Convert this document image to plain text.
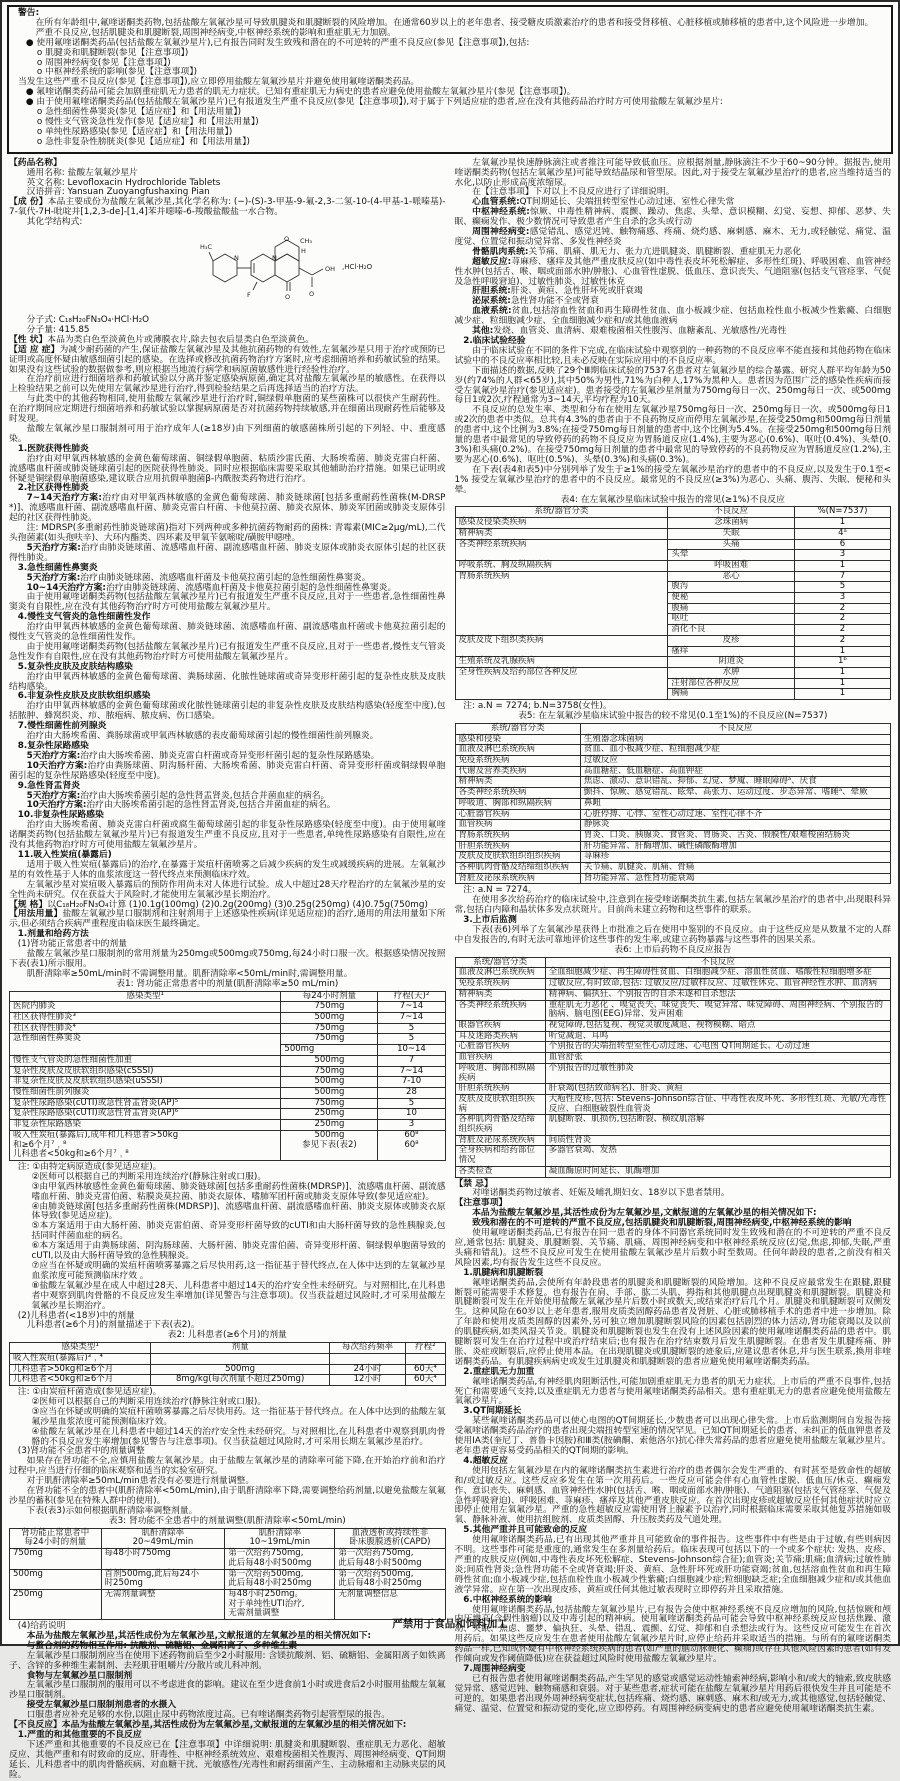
警告:

在所有年龄组中,氟喹诺酮类药物,包括盐酸左氧氟沙星可导致肌腱炎和肌腱断裂的风险增加。在通常60岁以上的老年患者、接受糖皮质激素治疗的患者和接受肾移植、心脏移植或肺移植的患者中,这个风险进一步增加。

严重不良反应,包括肌腱炎和肌腱断裂,周围神经病变,中枢神经系统的影响和重症肌无力加剧。

● 使用氟喹诺酮类药品(包括盐酸左氧氟沙星片),已有报告同时发生致残和潜在的不可逆转的严重不良反应(参见【注意事项】),包括:

o 肌腱炎和肌腱断裂(参见【注意事项】)

o 周围神经病变(参见【注意事项】)

o 中枢神经系统的影响(参见【注意事项】)

当发生这些严重不良反应(参见【注意事项】),应立即停用盐酸左氧氟沙星片并避免使用氟喹诺酮类药品。

● 氟喹诺酮类药品可能会加剧重症肌无力患者的肌无力症状。已知有重症肌无力病史的患者应避免使用盐酸左氧氟沙星片(参见【注意事项】)。

● 由于使用氟喹诺酮类药品(包括盐酸左氧氟沙星片)已有报道发生严重不良反应(参见【注意事项】),对于属于下列适应症的患者,应在没有其他药品治疗时方可使用盐酸左氧氟沙星片:

o 急性细菌性鼻窦炎(参见【适应症】和【用法用量】)

o 慢性支气管炎急性发作(参见【适应症】和【用法用量】)

o 单纯性尿路感染(参见【适应症】和【用法用量】)

o 急性非复杂性膀胱炎(参见【适应症】和【用法用量】)

【药品名称】

通用名称: 盐酸左氧氟沙星片

英文名称: Levofloxacin Hydrochloride Tablets

汉语拼音: Yansuan Zuoyangfushaxing Pian

【成 份】本品主要成份为盐酸左氧氟沙星,其化学名称为: (−)-(S)-3-甲基-9-氟-2,3-二氢-10-(4-甲基-1-哌嗪基)-7-氧代-7H-吡啶并[1,2,3-de]-[1,4]苯并噁嗪-6-羧酸盐酸盐一水合物。

其化学结构式:

H₃C
N	N
O CH₃
H
F	O
OH
O
,HCl·H₂O

分子式: C₁₈H₂₀FN₃O₄·HCl·H₂O

分子量: 415.85

【性 状】本品为类白色至淡黄色片或薄膜衣片,除去包衣后显类白色至淡黄色。

【适 应 症】为减少耐药菌的产生,保证盐酸左氧氟沙星及其他抗菌药物的有效性,左氧氟沙星只用于治疗或预防已证明或高度怀疑由敏感细菌引起的感染。在选择或修改抗菌药物治疗方案时,应考虑细菌培养和药敏试验的结果。如果没有这些试验的数据做参考,则应根据当地流行病学和病原菌敏感性进行经验性治疗。

在治疗前应进行细菌培养和药敏试验以分离并鉴定感染病原菌,确定其对盐酸左氧氟沙星的敏感性。在获得以上检验结果之前可以先使用左氧氟沙星进行治疗,得到检验结果之后再选择适当的治疗方法。

与此类中的其他药物相同,使用盐酸左氧氟沙星进行治疗时,铜绿假单胞菌的某些菌株可以很快产生耐药性。在治疗期间应定期进行细菌培养和药敏试验以掌握病原菌是否对抗菌药物持续敏感,并在细菌出现耐药性后能够及时发现。

盐酸左氧氟沙星口服制剂可用于治疗成年人(≥18岁)由下列细菌的敏感菌株所引起的下列轻、中、重度感染。

1.医院获得性肺炎

治疗由对甲氧西林敏感的金黄色葡萄球菌、铜绿假单胞菌、粘质沙雷氏菌、大肠埃希菌、肺炎克雷白杆菌、流感嗜血杆菌或肺炎链球菌引起的医院获得性肺炎。同时应根据临床需要采取其他辅助治疗措施。如果已证明或怀疑是铜绿假单胞菌感染,建议联合应用抗假单胞菌β-内酰胺类药物进行治疗。

2.社区获得性肺炎

7~14天治疗方案:治疗由对甲氧西林敏感的金黄色葡萄球菌、肺炎链球菌[包括多重耐药性菌株(M-DRSP*)]、流感嗜血杆菌、副流感嗜血杆菌、肺炎克雷白杆菌、卡他莫拉菌、肺炎衣原体、肺炎军团菌或肺炎支原体引起的社区获得性肺炎。

注: MDRSP(多重耐药性肺炎链球菌)指对下列两种或多种抗菌药物耐药的菌株: 青霉素(MIC≥2μg/mL),二代头孢菌素(如头孢呋辛)、大环内酯类、四环素及甲氧苄氨嘧啶/磺胺甲噁唑。

5天治疗方案:治疗由肺炎链球菌、流感嗜血杆菌、副流感嗜血杆菌、肺炎支原体或肺炎衣原体引起的社区获得性肺炎。

3.急性细菌性鼻窦炎

5天治疗方案:治疗由肺炎链球菌、流感嗜血杆菌及卡他莫拉菌引起的急性细菌性鼻窦炎。

10~14天治疗方案:治疗由肺炎链球菌、流感嗜血杆菌及卡他莫拉菌引起的急性细菌性鼻窦炎。

由于使用氟喹诺酮类药物(包括盐酸左氧氟沙星片)已有报道发生严重不良反应,且对于一些患者,急性细菌性鼻窦炎有自限性,应在没有其他药物治疗时方可使用盐酸左氧氟沙星片。

4.慢性支气管炎的急性细菌性发作

治疗由甲氧西林敏感的金黄色葡萄球菌、肺炎链球菌、流感嗜血杆菌、副流感嗜血杆菌或卡他莫拉菌引起的慢性支气管炎的急性细菌性发作。

由于使用氟喹诺酮类药物(包括盐酸左氧氟沙星片)已有报道发生严重不良反应,且对于一些患者,慢性支气管炎急性发作有自限性,应在没有其他药物治疗时方可使用盐酸左氧氟沙星片。

5.复杂性皮肤及皮肤结构感染

治疗由甲氧西林敏感的金黄色葡萄球菌、粪肠球菌、化脓性链球菌或奇异变形杆菌引起的复杂性皮肤及皮肤结构感染。

6.非复杂性皮肤及皮肤软组织感染

治疗由甲氧西林敏感的金黄色葡萄球菌或化脓性链球菌引起的非复杂性皮肤及皮肤结构感染(轻度至中度),包括脓肿、蜂窝织炎、疖、脓疱病、脓皮病、伤口感染。

7.慢性细菌性前列腺炎

治疗由大肠埃希菌、粪肠球菌或甲氧西林敏感的表皮葡萄球菌引起的慢性细菌性前列腺炎。

8.复杂性尿路感染

5天治疗方案:治疗由大肠埃希菌、肺炎克雷白杆菌或奇异变形杆菌引起的复杂性尿路感染。

10天治疗方案:治疗由粪肠球菌、阴沟肠杆菌、大肠埃希菌、肺炎克雷白杆菌、奇异变形杆菌或铜绿假单胞菌引起的复杂性尿路感染(轻度至中度)。

9.急性肾盂肾炎

5天治疗方案:治疗由大肠埃希菌引起的急性肾盂肾炎,包括合并菌血症的病名。

10天治疗方案:治疗由大肠埃希菌引起的急性肾盂肾炎,包括合并菌血症的病名。

10.非复杂性尿路感染

治疗由大肠埃希菌、肺炎克雷白杆菌或腐生葡萄球菌引起的非复杂性尿路感染(轻度至中度)。由于使用氟喹诺酮类药物(包括盐酸左氧氟沙星片)已有报道发生严重不良反应,且对于一些患者,单纯性尿路感染有自限性,应在没有其他药物治疗时方可使用盐酸左氧氟沙星片。

11.吸入性炭疽(暴露后)

适用于吸入性炭疽(暴露后)的治疗,在暴露于炭疽杆菌喷雾之后减少疾病的发生或减缓疾病的进展。左氧氟沙星的有效性基于人体的血浆浓度这一替代终点来预测临床疗效。

左氧氟沙星对炭疽吸入暴露后的预防作用尚未对人体进行试验。成人中超过28天疗程治疗的左氧氟沙星的安全性尚未研究。仅在获益大于风险时,才能使用左氧氟沙星长期治疗。

【规 格】以C₁₈H₂₀FN₃O₄计算 (1)0.1g(100mg) (2)0.2g(200mg) (3)0.25g(250mg) (4)0.75g(750mg)

【用法用量】盐酸左氧氟沙星口服制剂和注射剂用于上述感染性疾病(详见适应症)的治疗,通用的用法用量如下所示,但必须结合疾病严重程度由临床医生最终确定。

1.剂量和给药方法

(1)肾功能正常患者中的剂量

盐酸左氧氟沙星口服制剂的常用剂量为250mg或500mg或750mg,每24小时口服一次。根据感染情况按照下表(表1)所示服用。

肌酐清除率≥50mL/min时不需调整用量。肌酐清除率<50mL/min时,需调整用量。

表1: 肾功能正常患者中的剂量(肌酐清除率≥50 mL/min)

感染类型¹	每24小时剂量	疗程(天)²
医院内肺炎	750mg	7~14
社区获得性肺炎³	500mg	7~14
社区获得性肺炎⁴	750mg	5
急性细菌性鼻窦炎	750mg	5
	500mg	10~14
慢性支气管炎的急性细菌性加重	500mg	7
复杂性皮肤及皮肤软组织感染(cSSSI)	750mg	7~14
非复杂性皮肤及皮肤软组织感染(uSSSI)	500mg	7-10
慢性细菌性前列腺炎	500mg	28
复杂性尿路感染(cUTI)或急性肾盂肾炎(AP)⁵	750mg	5
复杂性尿路感染(cUTI)或急性肾盂肾炎(AP)⁶	250mg	10
非复杂性尿路感染	250mg	3
吸入性炭疽(暴露后),成年和儿科患者>50kg
和≥6个月⁷﹐⁸
儿科患者<50kg和≥6个月⁷﹐⁸	500mg
参见下表(表2)	60⁸
60⁸

注: ①由特定病原造成(参见适应症)。

②医师可以根据自己的判断采用连续治疗(静脉注射或口服)。

③由甲氧西林敏感性金黄色葡萄球菌、肺炎链球菌[包括多重耐药性菌株(MDRSP)]、流感嗜血杆菌、副流感嗜血杆菌、肺炎克雷伯菌、粘膜炎莫拉菌、肺炎衣原体、嗜肺军团杆菌或肺炎支原体导致(参见适应症)。

④由肺炎链球菌[包括多重耐药性菌株(MDRSP)]、流感嗜血杆菌、副流感嗜血杆菌、肺炎支原体或肺炎衣原体导致(参见适应症)。

⑤本方案适用于由大肠杆菌、肺炎克雷伯菌、奇异变形杆菌导致的cUTI和由大肠杆菌导致的急性胰腺炎,包括同时伴菌血症的病名。

⑥本方案适用于由粪肠球菌、阴沟肠球菌、大肠杆菌、肺炎克雷伯菌、奇异变形杆菌、铜绿假单胞菌导致的cUTI,以及由大肠杆菌导致的急性胰腺炎。

⑦应当在怀疑或明确的炭疽杆菌喷雾暴露之后尽快用药,这一指征基于替代终点,在人体中达到的左氧氟沙星血浆浓度可能预测临床疗效 。

⑧盐酸左氧氟沙星在成人中超过28天、儿科患者中超过14天的治疗安全性未经研究。与对照相比,在儿科患者中观察到肌肉骨骼的不良反应发生率增加(详见警告与注意事项)。仅当获益超过风险时,才可采用盐酸左氧氟沙星长期治疗。

(2)儿科患者(<18岁)中的剂量

儿科患者(≥6个月)的剂量描述于下表(表2)。

表2: 儿科患者(≥6个月)的剂量

感染类型¹	剂量	每次给药频率	疗程²
吸入性炭疽(暴露后)³﹐⁴			
儿科患者>50kg和≥6个月	500mg	24小时	60天⁴
儿科患者<50kg和≥6个月	8mg/kg(每次剂量不超过250mg)	12小时	60天⁴

注: ①由炭疽杆菌造成(参见适应症)。

②医师可以根据自己的判断采用连续治疗(静脉注射或口服)。

③应当在怀疑或明确的炭疽杆菌喷雾暴露之后尽快用药。这一指征基于替代终点。在人体中达到的盐酸左氧氟沙星血浆浓度可能预测临床疗效。

④盐酸左氧氟沙星在儿科患者中超过14天的治疗安全性未经研究。与对照相比,在儿科患者中观察到肌肉骨骼的不良反应发生率增加(参见警告与注意事项)。仅当获益超过风险时,才可采用长期左氧氟沙星治疗。

(3)肾功能不全患者中的剂量调整

如果存在肾功能不全,应慎用盐酸左氧氟沙星。由于盐酸左氧氟沙星的清除率可能下降,在开始治疗前和治疗过程中,应当进行仔细的临床观察和适当的实验室研究。

对于肌酐清除率≥50mL/min患者没有必要进行剂量调整。

在肾功能不全的患者中(肌酐清除率<50mL/min),由于肌酐清除率下降,需要调整给药剂量,以避免盐酸左氧氟沙星的蓄积(参见在特殊人群中的使用)。

下表(表3)示如何根据肌酐清除率调整剂量。

表3: 肾功能不全患者中的剂量调整(肌酐清除率<50mL/min)

肾功能正常患者中
每24小时的剂量	肌酐清除率
20~49mL/min	肌酐清除率
10~19mL/min	血液透析或持续性非
卧床腹膜透析(CAPD)
750mg	每48小时750mg	第一次给药750mg,
此后每48小时500mg	第一次给药750mg,
此后每48小时500mg
500mg	首剂500mg,此后每24小
时250mg	第一次给药500mg,
此后每48小时250mg	第一次给药500mg,
此后每48小时250mg
250mg	无需剂量调整	每48小时250mg。
对于单纯性UTI治疗,
无需剂量调整	无剂量调整信息

(4)给药说明

本品为盐酸左氧氟沙星,其活性成份为左氧氟沙星,文献报道的左氧氟沙星的相关情况如下:

与螯合剂的药物相互作用: 抗酸剂、硫糖铝、金属阳离子、多种维生素

左氧氟沙星口服制剂应当在使用下述药物前后至少2小时服用: 含镁抗酸剂、铝、硫糖铝、金属阳离子如铁离子、含锌的多种维生素制剂、去羟肌苷咀嚼片/分散片或儿科冲剂。

食物与左氧氟沙星口服制剂

左氧氟沙星口服制剂的服用可以不考虑进食的影响。建议在至少进食前1小时或进食后2小时服用盐酸左氧氟沙星口服制剂。

接受左氧氟沙星口服制剂患者的水摄入

口服患者应补充足够的水份,以阻止尿中药物浓度过高。已有喹诺酮类药物引起管型尿的报告。

【不良反应】本品为盐酸左氧氟沙星,其活性成份为左氧氟沙星,文献报道的左氧氟沙星的相关情况如下:

1.严重的和其他重要的不良反应

下述严重和其他重要的不良反应已在【注意事项】中详细说明: 肌腱炎和肌腱断裂、重症肌无力恶化、超敏反应、其他严重和有时致命的反应、肝毒性、中枢神经系统效应、艰难梭菌相关性腹泻、周围神经病变、QT间期延长、儿科患者中的肌肉骨骼疾病、对血糖干扰、光敏感性/光毒性和耐药细菌产生、主动脉瘤和主动脉夹层的风险。

左氧氟沙星快速静脉滴注或者推注可能导致低血压。应根据剂量,静脉滴注不少于60~90分钟。据报告,使用喹诺酮类药物(包括左氧氟沙星)可能导致结晶尿和管型尿。因此,对于接受左氧氟沙星治疗的患者,应当维持适当的水化,以防止形成高度浓缩尿。

在【注意事项】下对以上不良反应进行了详细说明。

心血管系统:QT间期延长、尖端扭转型室性心动过速、室性心律失常

中枢神经系统:惊厥、中毒性精神病、震颤、躁动、焦虑、头晕、意识模糊、幻觉、妄想、抑郁、恶梦、失眠、癫痫发作、极少数情况可导致患者产生自杀的念头或行动

周围神经病变:感觉错乱、感觉迟钝、触物痛感、疼痛、烧灼感、麻刺感、麻木、无力,或轻触觉、痛觉、温度觉、位置觉和振动觉异常、多发性神经炎

骨骼肌肉系统:关节痛、肌痛、肌无力、张力亢进肌腱炎、肌腱断裂、重症肌无力恶化

超敏反应:荨麻疹、瘙痒及其他严重皮肤反应(如中毒性表皮坏死松解症、多形性红斑)、呼吸困难、血管神经性水肿(包括舌、喉、咽或面部水肿/肿胀)、心血管性虚脱、低血压、意识丧失、气道阻塞(包括支气管痉挛、气促及急性呼吸窘迫)、过敏性肺炎、过敏性休克

肝胆系统:肝炎、黄疸、急性肝坏死或肝衰竭

泌尿系统:急性肾功能不全或肾衰

血液系统:贫血,包括溶血性贫血和再生障碍性贫血、血小板减少症、包括血栓性血小板减少性紫癜、白细胞减少症、粒细胞减少症、全血细胞减少症和/或其他血液病

其他:发烧、血管炎、血清病、艰难梭菌相关性腹泻、血糖紊乱、光敏感性/光毒性

2.临床试验经验

由于临床试验在不同的条件下完成,在临床试验中观察到的一种药物的不良反应率不能直接和其他药物在临床试验中的不良反应率相比较,且未必反映在实际应用中的不良反应率。

下面描述的数据,反映了29个Ⅲ期临床试验的7537名患者对左氧氟沙星的综合暴露。研究人群平均年龄为50岁(约74%的人群<65岁),其中50%为男性,71%为白种人,17%为黑种人。患者因为范围广泛的感染性疾病而接受左氧氟沙星治疗(参见适应症)。患者接受的左氧氟沙星剂量为750mg每日一次、250mg每日一次、或500mg每日1或2次,疗程通常为3~14天,平均疗程为10天。

不良反应的总发生率、类型和分布在使用左氧氟沙星750mg每日一次、250mg每日一次、或500mg每日1或2次的患者中类似。总共有4.3%的患者由于不良药物反应而停用左氧氟沙星,在接受250mg和500mg每日剂量的患者中,这个比例为3.8%;在接受750mg每日剂量的患者中,这个比例为5.4%。在接受250mg和500mg每日剂量的患者中最常见的导致停药的药物不良反应为胃肠道反应(1.4%),主要为恶心(0.6%)、呕吐(0.4%)、头晕(0.3%)和头痛(0.2%)。在接受750mg每日剂量的患者中最常见的导致停药的不良药物反应为胃肠道反应(1.2%),主要为恶心(0.6%)、呕吐(0.5%)、头晕(0.3%)和头痛(0.3%)。

在下表(表4和表5)中分别列举了发生于≥1%的接受左氧氟沙星治疗的患者中的不良反应,以及发生于0.1至<1% 接受左氧氟沙星治疗的患者中的不良反应。最常见的不良反应(≥3%)为恶心、头痛、腹泻、失眠、便秘和头晕。

表4: 在左氧氟沙星临床试验中报告的常见(≥1%)不良反应

系统/器官分类	不良反应	%(N=7537)
感染及侵染类疾病	念珠菌病	1
精神病类	失眠	4ᵃ
各类神经系统疾病	头痛	6
	头晕	3
呼吸系统、胸及纵隔疾病	呼吸困难	1
胃肠系统疾病	恶心	7
	腹泻	5
	便秘	3
	腹痛	2
	呕吐	2
	消化不良	2
皮肤及皮下组织类疾病	皮疹	2
	瘙痒	1
生殖系统及乳腺疾病	阴道炎	1ᵇ
全身性疾病及给药部位各种反应	水肿	1
	注射部位各种反应	1
	胸痛	1

注: a.N = 7274; b.N=3758(女性)。

表5: 在左氧氟沙星临床试验中报告的较不常见(0.1至1%)的不良反应(N=7537)

系统/器官分类	不良反应
感染和侵染	生殖器念珠菌病
血液及淋巴系统疾病	贫血、血小板减少症、粒细胞减少症
免疫系统疾病	过敏反应
代谢及营养类疾病	高血糖症、低血糖症、高血钾症
精神病类	焦虑、激动、意识错乱、抑郁、幻觉、梦魇、睡眠障碍ᵃ、厌食
各类神经系统疾病	颤抖、惊厥、感觉错乱、眩晕、高张力、运动过度、步态异常、嗜睡ᵃ、晕厥
呼吸道、胸部和纵隔疾病	鼻衄
心脏器官疾病	心脏停搏、心悸、室性心动过速、室性心律不齐
血管疾病	静脉炎
胃肠系统疾病	胃炎、口炎、胰腺炎、食管炎、胃肠炎、舌炎、假膜性/艰难梭菌结肠炎
肝胆系统疾病	肝功能异常、肝酶增加、碱性磷酸酶增加
皮肤及皮肤软组织组织疾病	荨麻疹
各种肌肉骨骼及结缔组织疾病	关节痛、肌腱炎、肌痛、骨痛
肾脏及泌尿系统疾病	肾功能异常、急性肾功能衰竭

注: a.N = 7274。

在使用多次给药治疗的临床试验中,注意到在接受喹诺酮类抗生素,包括左氧氟沙星治疗的患者中,出现眼科异常,包括白内障和晶状体多发点状斑片。目前尚未建立药物和这些事件的联系。

3.上市后监测

下表(表6)列举了左氧氟沙星获得上市批准之后在使用中鉴别的不良反应。由于这些反应是从数量不定的人群中自发报告的,有时无法可靠地评价这些事件的发生率,或建立药物暴露与这些事件的因果关系。

表6: 上市后药物不良反应报告

系统/器官分类	不良反应
血液及淋巴系统疾病	全血细胞减少症、再生障碍性贫血、白细胞减少症、溶血性贫血、嗜酸性粒细胞增多症
免疫系统疾病	过敏反应,有时致命,包括: 过敏反应/过敏样反应、过敏性休克、血管神经性水肿、血清病
精神病类	精神病、偏执狂、个别报告的自杀未遂和自杀想法
各类神经系统疾病	重症肌无力恶化 、嗅觉丧失、味觉丧失、嗅觉异常、味觉障碍、周围神经病、个别报告的脑病、脑电图(EEG)异常、发声困难
眼器官疾病	视觉障碍,包括复视、视觉灵敏度减退、视物模糊、暗点
耳及迷路类疾病	听觉减退、耳鸣
心脏器官疾病	个别报告的尖端扭转型室性心动过速、心电图 QT间期延长、心动过速
血管疾病	血管舒张
呼吸道、胸部和纵隔疾病	个别报告的过敏性肺炎
肝胆系统疾病	肝衰竭(包括致命病名)、肝炎、黄疸
皮肤及皮肤软组织疾病	大疱性皮疹,包括: Stevens-Johnson综合征、中毒性表皮坏死、多形性红斑、光敏/光毒性反应、白细胞破裂性血管炎
各种肌肉骨骼及结缔组织疾病	肌腱断裂、肌损伤,包括断裂、横纹肌溶解
肾脏及泌尿系统疾病	间质性肾炎
全身疾病和给药部位情况	多器官衰竭、发热
各类检查	凝血酶原时间延长、肌酶增加

【禁 忌】

对喹诺酮类药物过敏者、妊娠及哺乳期妇女、18岁以下患者禁用。

【注意事项】

本品为盐酸左氧氟沙星,其活性成份为左氧氟沙星,文献报道的左氧氟沙星的相关情况如下:

致残和潜在的不可逆转的严重不良反应,包括肌腱炎和肌腱断裂,周围神经病变,中枢神经系统的影响

使用氟喹诺酮类药品,已有报告在同一患者的身体不同器官系统同时发生致残和潜在的不可逆转的严重不良反应,通常包括: 肌腱炎、肌腱断裂、关节痛、肌痛、周围神经病变和中枢神经系统反应(幻觉,焦虑,抑郁,失眠,严重头痛和错乱)。这些不良反应可发生在使用盐酸左氧氟沙星片后数小时至数周。任何年龄段的患者,之前没有相关风险因素,均有报告发生这些不良反应。

1.肌腱病和肌腱断裂

氟喹诺酮类药品,会使所有年龄段患者的肌腱炎和肌腱断裂的风险增加。这种不良反应最常发生在跟腱,跟腱断裂可能需要手术修复。也有报告在肩、手部、肱二头肌、拇指和其他肌腱点出现肌腱炎和肌腱断裂。肌腱炎和肌腱断裂可发生在开始使用盐酸左氧氟沙星片后数小时或数天,或结束治疗后几个月。肌腱炎和肌腱断裂可双侧发生。这种风险在60岁以上老年患者,服用皮质类固醇药品患者及肾脏、心脏或肺移植手术的患者中进一步增加。除了年龄和使用皮质类固醇的因素外,另可独立增加肌腱断裂风险的因素包括剧烈的体力活动,肾功能衰竭以及以前的肌腱疾病,如类风湿关节炎。肌腱炎和肌腱断裂也发生在没有上述风险因素的使用氟喹诺酮类药品的患者中。肌腱断裂可发生在治疗过程中或治疗结束后;也有报告在治疗结束数月后发生肌腱断裂。在患者发生肌腱疼痛、肿胀、炎症或断裂后,应停止使用本品。在出现肌腱炎或肌腱断裂的迹象后,应建议患者休息,并与医生联系,换用非喹诺酮类药品。有肌腱疾病病史或发生过肌腱炎和肌腱断裂的患者应避免使用氟喹诺酮类药品。

2.重症肌无力加重

氟喹诺酮类药品,有神经肌肉阻断活性,可能加剧重症肌无力患者的肌无力症状。上市后的严重不良事件,包括死亡和需要通气支持,以及重症肌无力患者与使用氟喹诺酮类药品相关。患有重症肌无力的患者应避免使用盐酸左氧氟沙星片。

3.QT间期延长

某些氟喹诺酮类药品可以使心电图的QT间期延长,少数患者可以出现心律失常。上市后监测期间自发报告接受氟喹诺酮类药品治疗的患者出现尖端扭转型室速的情况罕见。已知QT间期延长的患者、未纠正的低血钾患者及使用IA类(奎尼丁、普鲁卡因胺)和Ⅲ类(胺碘酮、索他洛尔)抗心律失常药品的患者应避免使用盐酸左氧氟沙星片。老年患者更容易受药品相关的QT间期的影响。

4.超敏反应

使用包括左氧氟沙星在内的氟喹诺酮类抗生素进行治疗的患者偶尔会发生严重的、有时甚至是致命性的超敏和/或过敏反应。这些反应多发生在第一次用药后。一些反应可能会伴有心血管性虚脱、低血压/休克、癫痫发作、意识丧失、麻刺感、血管神经性水肿(包括舌、喉、咽或面部水肿/肿胀)、气道阻塞(包括支气管痉挛、气促及急性呼吸窘迫)、呼吸困难、荨麻疹、瘙痒及其他严重皮肤反应。在首次出现皮疹或超敏反应任何其他症状时应立即停止使用左氧氟沙星。严重的急性超敏反应需使用肾上腺素予以治疗,同时根据临床需要采取其他复苏措施如吸氧、静脉补液、使用抗组胺剂、皮质类固醇、升压胺类药及气道处理。

5.其他严重并且可能致命的反应

使用氟喹诺酮类药品,已有出现其他严重并且可能致命的事件报告。这些事件中有些是由于过敏,有些则病因不明。这些事件可能是重度的,通常发生在多剂量给药后。临床表现可包括以下的一个或多个症状: 发热、皮疹、严重的皮肤反应(例如,中毒性表皮坏死松解症、Stevens-Johnson综合征);血管炎;关节痛;肌痛;血清病;过敏性肺炎;间质性肾炎;急性肾功能不全或肾衰竭;肝炎、黄疸、急性肝坏死或肝功能衰竭;贫血,包括溶血性贫血和再生障碍性贫血;血小板减少症,包括血栓性血小板减少性紫癜;白细胞减少症;粒细胞缺乏症;全血细胞减少症和/或其他血液学异常。应在第一次出现皮疹、黄疸或任何其他过敏表现时立即停药并且采取措施。

6.中枢神经系统的影响

使用氟喹诺酮类药品,包括盐酸左氧氟沙星片,已有报告会使中枢神经系统不良反应增加的风险,包括惊厥和颅内压增高(含假性脑瘤)以及中毒引起的精神病。使用氟喹诺酮类药品可能会导致中枢神经系统反应包括焦躁、激动、失眠、焦虑、噩梦、偏执狂、头晕、错乱、震颤、幻觉、抑郁和自杀想法或行为。这些反应可能发生在首次用药后。如果这些反应发生在患者使用盐酸左氧氟沙星片时,应停止给药并采取适当的措施。与所有的氟喹诺酮类药品一样,已知或怀疑有中枢神经系统疾病的患者(如严重的脑动脉硬化、癫痫)或存在其他风险因素的患者(如有发作倾向或发作阈值降低)应在获益超过风险时使用盐酸左氧氟沙星片。

7.周围神经病变

已有报告患者使用氟喹诺酮类药品,产生罕见的感觉或感觉运动性轴索神经病,影响小和/或大的轴索,致皮肤感觉异常、感觉迟钝、触物痛感和衰弱。对于某些患者,症状可能在盐酸左氧氟沙星片用药后很快发生并且可能是不可逆的。如果患者出现外周神经病变症状,包括疼痛、烧灼感、麻刺感、麻木和/或无力,或其他感觉,包括轻触觉、痛觉、温觉、位置觉和振动觉的变化,应立即停药。有周围神经病变病史的患者应避免使用氟喹诺酮类抗生素。

严禁用于食品和饲料加工
